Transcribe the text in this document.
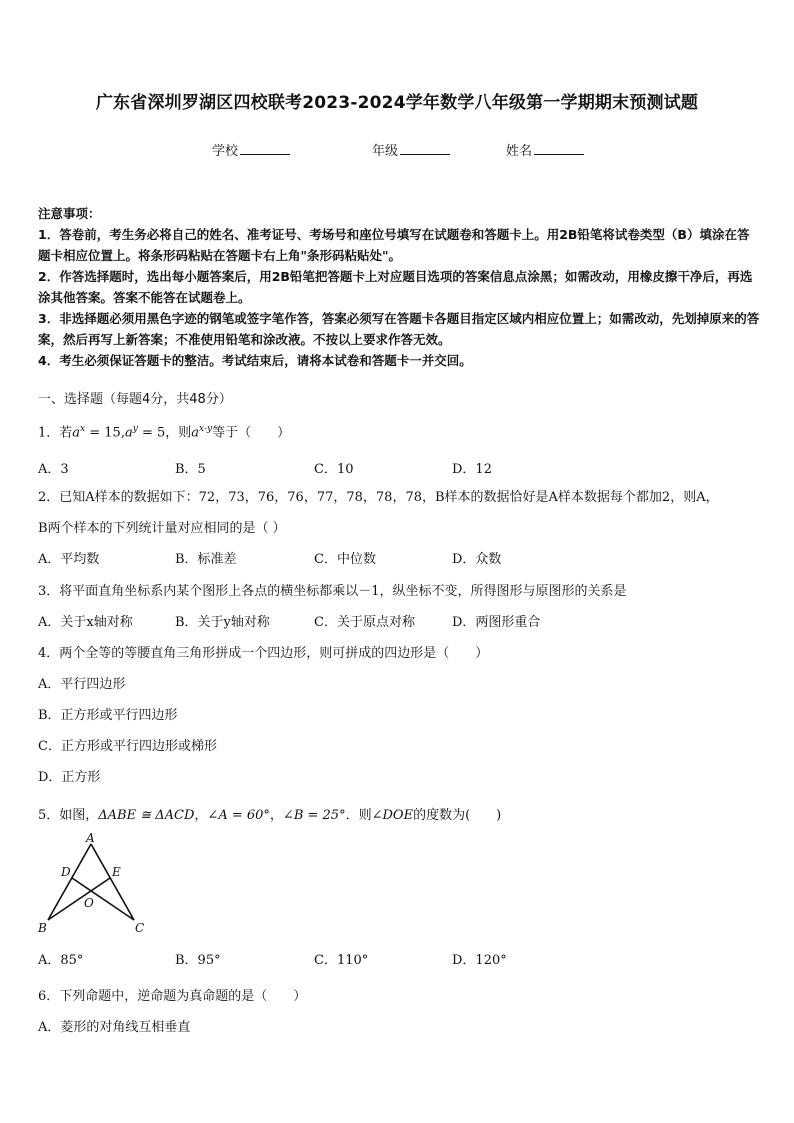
广东省深圳罗湖区四校联考2023-2024学年数学八年级第一学期期末预测试题
学校	年级	姓名

注意事项：

1．答卷前，考生务必将自己的姓名、准考证号、考场号和座位号填写在试题卷和答题卡上。用2B铅笔将试卷类型（B）填涂在答题卡相应位置上。将条形码粘贴在答题卡右上角"条形码粘贴处"。

2．作答选择题时，选出每小题答案后，用2B铅笔把答题卡上对应题目选项的答案信息点涂黑；如需改动，用橡皮擦干净后，再选涂其他答案。答案不能答在试题卷上。

3．非选择题必须用黑色字迹的钢笔或签字笔作答，答案必须写在答题卡各题目指定区域内相应位置上；如需改动，先划掉原来的答案，然后再写上新答案；不准使用铅笔和涂改液。不按以上要求作答无效。

4．考生必须保证答题卡的整洁。考试结束后，请将本试卷和答题卡一并交回。

一、选择题（每题4分，共48分）

1．若$a^x = 15,a^y = 5$，则$a^{x-y}$等于（　　）

A．3	B．5	C．10	D．12

2．已知A样本的数据如下：72，73，76，76，77，78，78，78，B样本的数据恰好是A样本数据每个都加2，则A，

B两个样本的下列统计量对应相同的是（ ）

A．平均数	B．标准差	C．中位数	D．众数

3．将平面直角坐标系内某个图形上各点的横坐标都乘以－1，纵坐标不变，所得图形与原图形的关系是

A．关于x轴对称	B．关于y轴对称	C．关于原点对称	D．两图形重合

4．两个全等的等腰直角三角形拼成一个四边形，则可拼成的四边形是（　　）

A．平行四边形
B．正方形或平行四边形
C．正方形或平行四边形或梯形
D．正方形

5．如图，ΔABE ≅ ΔACD，∠A = 60°，∠B = 25°．则∠DOE的度数为(　　)

A
D	E
O
B	C
A．85°	B．95°	C．110°	D．120°

6．下列命题中，逆命题为真命题的是（　　）

A．菱形的对角线互相垂直
